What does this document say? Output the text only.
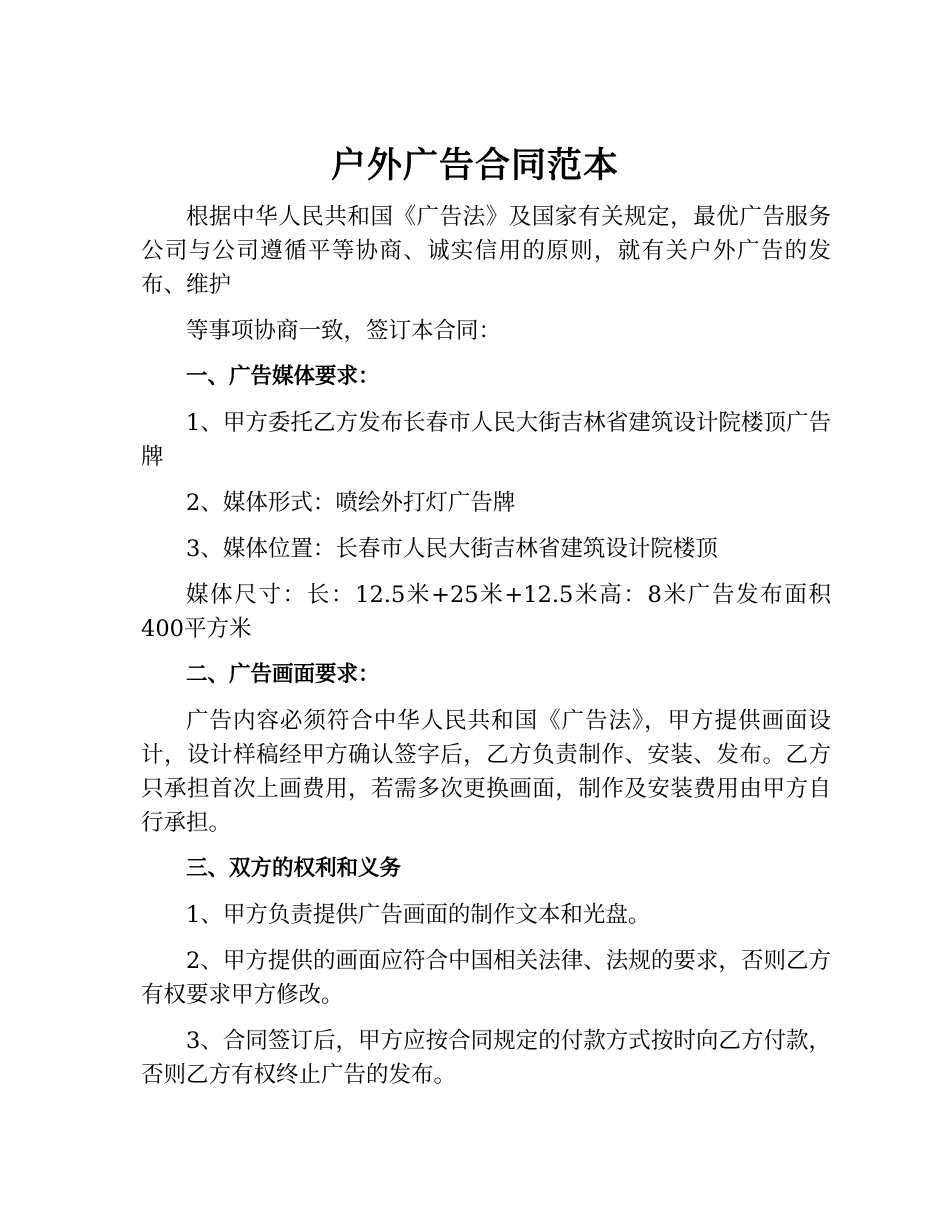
户外广告合同范本

根据中华人民共和国《广告法》及国家有关规定，最优广告服务公司与公司遵循平等协商、诚实信用的原则，就有关户外广告的发布、维护

等事项协商一致，签订本合同：

一、广告媒体要求：

1、甲方委托乙方发布长春市人民大街吉林省建筑设计院楼顶广告牌

2、媒体形式：喷绘外打灯广告牌

3、媒体位置：长春市人民大街吉林省建筑设计院楼顶

媒体尺寸：长：12.5米+25米+12.5米高：8米广告发布面积400平方米

二、广告画面要求：

广告内容必须符合中华人民共和国《广告法》，甲方提供画面设计，设计样稿经甲方确认签字后，乙方负责制作、安装、发布。乙方只承担首次上画费用，若需多次更换画面，制作及安装费用由甲方自行承担。

三、双方的权利和义务

1、甲方负责提供广告画面的制作文本和光盘。

2、甲方提供的画面应符合中国相关法律、法规的要求，否则乙方有权要求甲方修改。

3、合同签订后，甲方应按合同规定的付款方式按时向乙方付款，否则乙方有权终止广告的发布。
